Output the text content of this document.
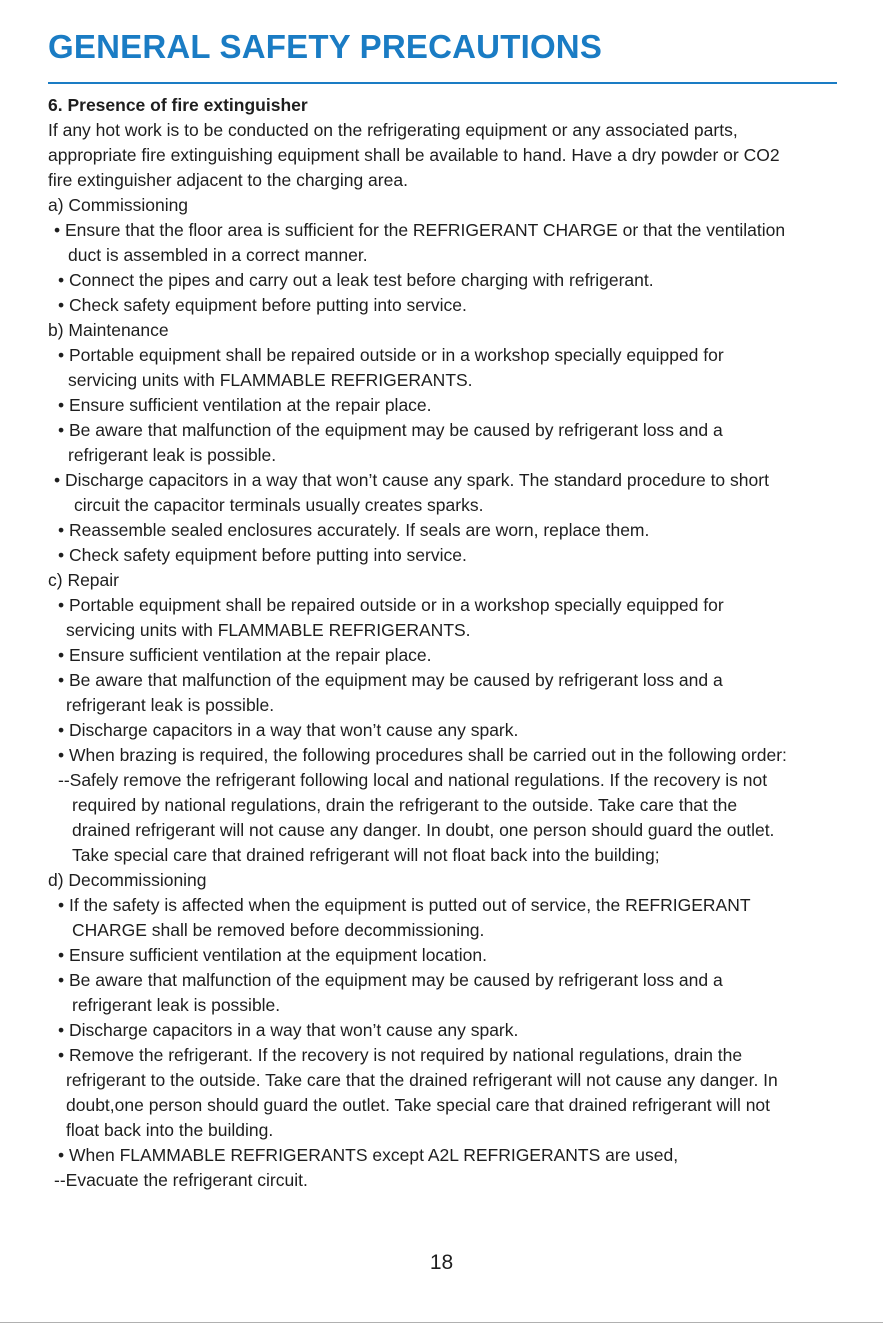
GENERAL SAFETY PRECAUTIONS
6. Presence of fire extinguisher
If any hot work is to be conducted on the refrigerating equipment or any associated parts,
appropriate fire extinguishing equipment shall be available to hand. Have a dry powder or CO2
fire extinguisher adjacent to the charging area.
a) Commissioning
• Ensure that the floor area is sufficient for the REFRIGERANT CHARGE or that the ventilation
duct is assembled in a correct manner.
• Connect the pipes and carry out a leak test before charging with refrigerant.
• Check safety equipment before putting into service.
b) Maintenance
• Portable equipment shall be repaired outside or in a workshop specially equipped for
servicing units with FLAMMABLE REFRIGERANTS.
• Ensure sufficient ventilation at the repair place.
• Be aware that malfunction of the equipment may be caused by refrigerant loss and a
refrigerant leak is possible.
• Discharge capacitors in a way that won’t cause any spark. The standard procedure to short
circuit the capacitor terminals usually creates sparks.
• Reassemble sealed enclosures accurately. If seals are worn, replace them.
• Check safety equipment before putting into service.
c) Repair
• Portable equipment shall be repaired outside or in a workshop specially equipped for
servicing units with FLAMMABLE REFRIGERANTS.
• Ensure sufficient ventilation at the repair place.
• Be aware that malfunction of the equipment may be caused by refrigerant loss and a
refrigerant leak is possible.
• Discharge capacitors in a way that won’t cause any spark.
• When brazing is required, the following procedures shall be carried out in the following order:
--Safely remove the refrigerant following local and national regulations. If the recovery is not
required by national regulations, drain the refrigerant to the outside. Take care that the
drained refrigerant will not cause any danger. In doubt, one person should guard the outlet.
Take special care that drained refrigerant will not float back into the building;
d) Decommissioning
• If the safety is affected when the equipment is putted out of service, the REFRIGERANT
CHARGE shall be removed before decommissioning.
• Ensure sufficient ventilation at the equipment location.
• Be aware that malfunction of the equipment may be caused by refrigerant loss and a
refrigerant leak is possible.
• Discharge capacitors in a way that won’t cause any spark.
• Remove the refrigerant. If the recovery is not required by national regulations, drain the
refrigerant to the outside. Take care that the drained refrigerant will not cause any danger. In
doubt,one person should guard the outlet. Take special care that drained refrigerant will not
float back into the building.
• When FLAMMABLE REFRIGERANTS except A2L REFRIGERANTS are used,
--Evacuate the refrigerant circuit.
18
